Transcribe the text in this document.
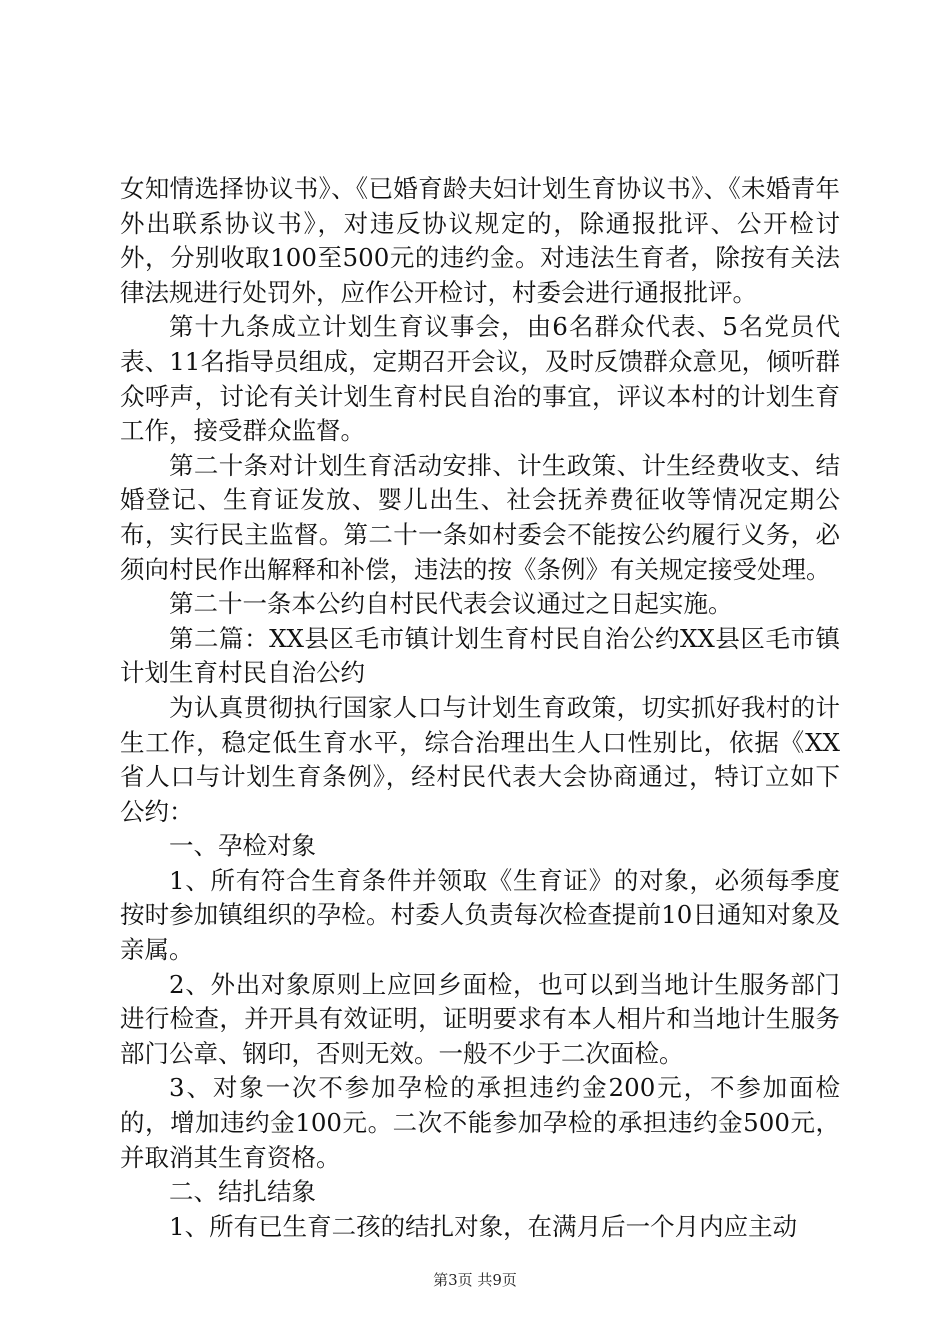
女知情选择协议书》、《已婚育龄夫妇计划生育协议书》、《未婚青年外出联系协议书》，对违反协议规定的，除通报批评、公开检讨外，分别收取100至500元的违约金。对违法生育者，除按有关法律法规进行处罚外，应作公开检讨，村委会进行通报批评。

第十九条成立计划生育议事会，由6名群众代表、5名党员代表、11名指导员组成，定期召开会议，及时反馈群众意见，倾听群众呼声，讨论有关计划生育村民自治的事宜，评议本村的计划生育工作，接受群众监督。

第二十条对计划生育活动安排、计生政策、计生经费收支、结婚登记、生育证发放、婴儿出生、社会抚养费征收等情况定期公布，实行民主监督。第二十一条如村委会不能按公约履行义务，必须向村民作出解释和补偿，违法的按《条例》有关规定接受处理。

第二十一条本公约自村民代表会议通过之日起实施。

第二篇：XX县区毛市镇计划生育村民自治公约XX县区毛市镇计划生育村民自治公约

为认真贯彻执行国家人口与计划生育政策，切实抓好我村的计生工作，稳定低生育水平，综合治理出生人口性别比，依据《XX省人口与计划生育条例》，经村民代表大会协商通过，特订立如下公约：

一、孕检对象

1、所有符合生育条件并领取《生育证》的对象，必须每季度按时参加镇组织的孕检。村委人负责每次检查提前10日通知对象及亲属。

2、外出对象原则上应回乡面检，也可以到当地计生服务部门进行检查，并开具有效证明，证明要求有本人相片和当地计生服务部门公章、钢印，否则无效。一般不少于二次面检。

3、对象一次不参加孕检的承担违约金200元，不参加面检的，增加违约金100元。二次不能参加孕检的承担违约金500元，并取消其生育资格。

二、结扎结象

1、所有已生育二孩的结扎对象，在满月后一个月内应主动

第3页 共9页
